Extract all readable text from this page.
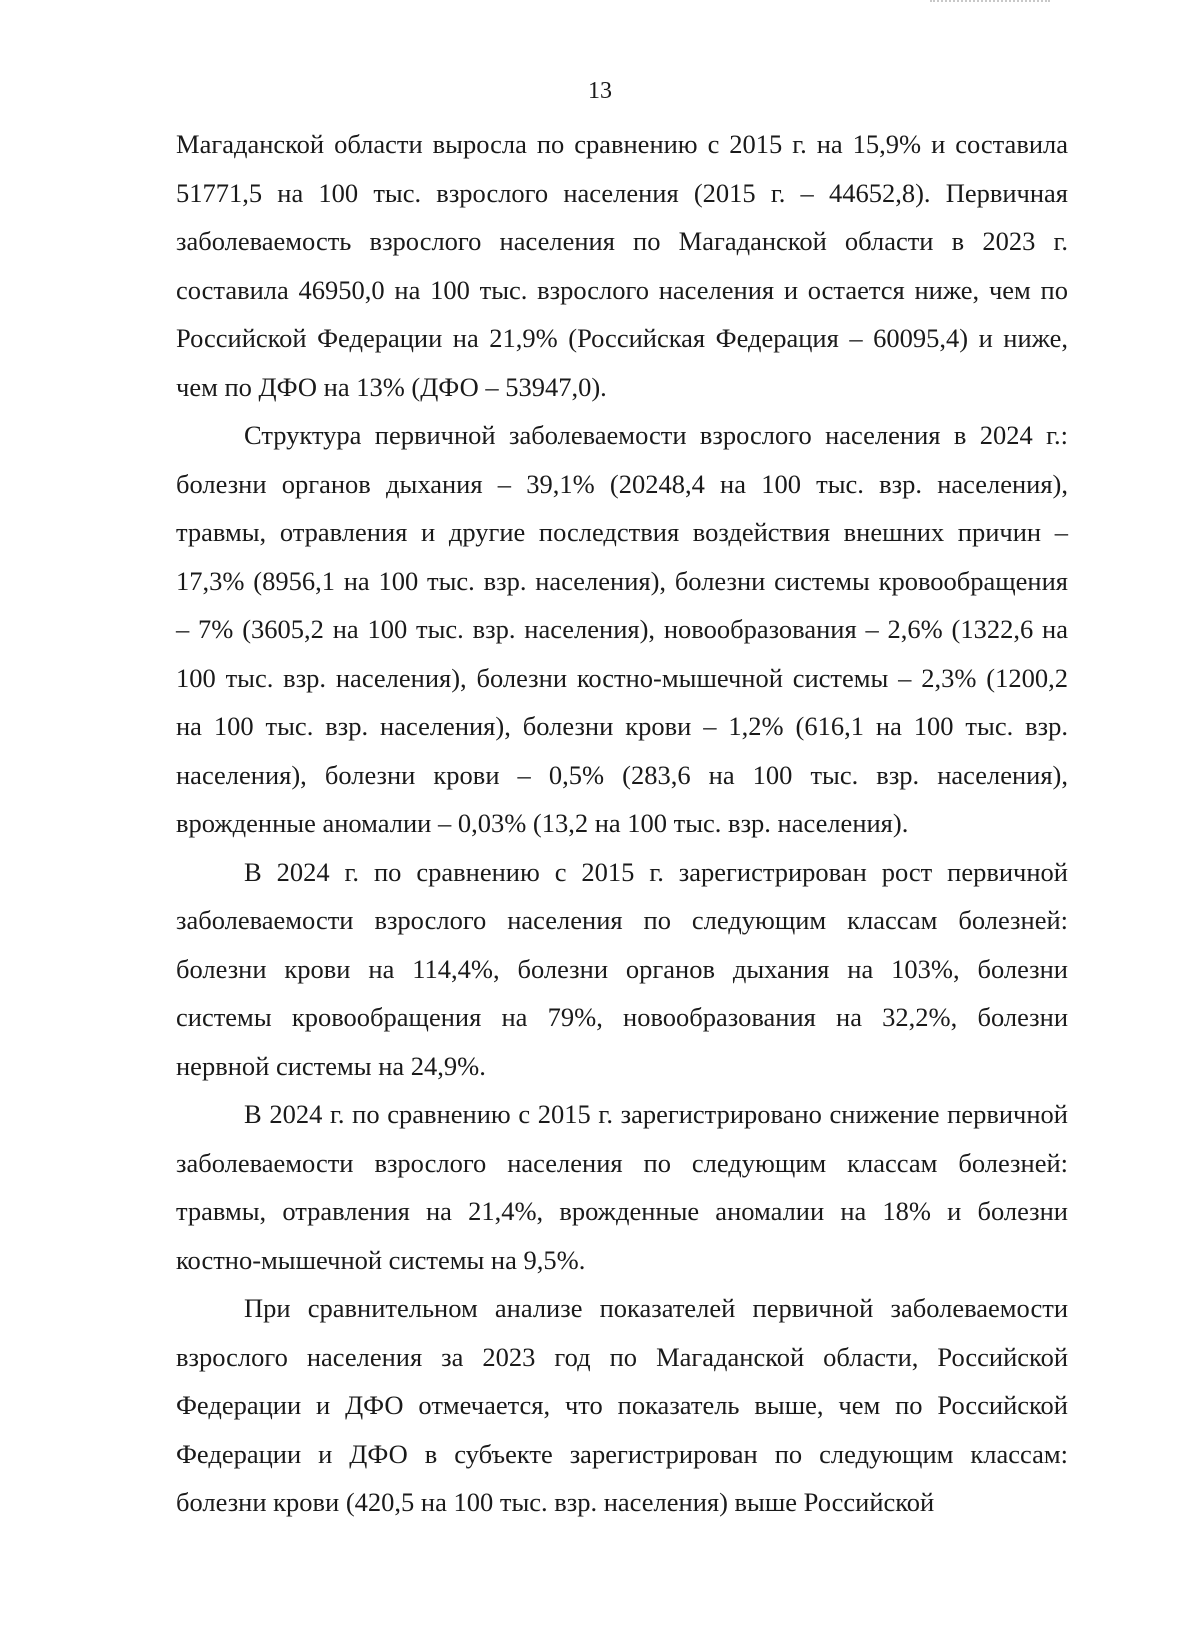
13

Магаданской области выросла по сравнению с 2015 г. на 15,9% и составила 51771,5 на 100 тыс. взрослого населения (2015 г. – 44652,8). Первичная заболеваемость взрослого населения по Магаданской области в 2023 г. составила 46950,0 на 100 тыс. взрослого населения и остается ниже, чем по Российской Федерации на 21,9% (Российская Федерация – 60095,4) и ниже, чем по ДФО на 13% (ДФО – 53947,0).

Структура первичной заболеваемости взрослого населения в 2024 г.: болезни органов дыхания – 39,1% (20248,4 на 100 тыс. взр. населения), травмы, отравления и другие последствия воздействия внешних причин – 17,3% (8956,1 на 100 тыс. взр. населения), болезни системы кровообращения – 7% (3605,2 на 100 тыс. взр. населения), новообразования – 2,6% (1322,6 на 100 тыс. взр. населения), болезни костно-мышечной системы – 2,3% (1200,2 на 100 тыс. взр. населения), болезни крови – 1,2% (616,1 на 100 тыс. взр. населения), болезни крови – 0,5% (283,6 на 100 тыс. взр. населения), врожденные аномалии – 0,03% (13,2 на 100 тыс. взр. населения).

В 2024 г. по сравнению с 2015 г. зарегистрирован рост первичной заболеваемости взрослого населения по следующим классам болезней: болезни крови на 114,4%, болезни органов дыхания на 103%, болезни системы кровообращения на 79%, новообразования на 32,2%, болезни нервной системы на 24,9%.

В 2024 г. по сравнению с 2015 г. зарегистрировано снижение первичной заболеваемости взрослого населения по следующим классам болезней: травмы, отравления на 21,4%, врожденные аномалии на 18% и болезни костно-мышечной системы на 9,5%.

При сравнительном анализе показателей первичной заболеваемости взрослого населения за 2023 год по Магаданской области, Российской Федерации и ДФО отмечается, что показатель выше, чем по Российской Федерации и ДФО в субъекте зарегистрирован по следующим классам: болезни крови (420,5 на 100 тыс. взр. населения) выше Российской
